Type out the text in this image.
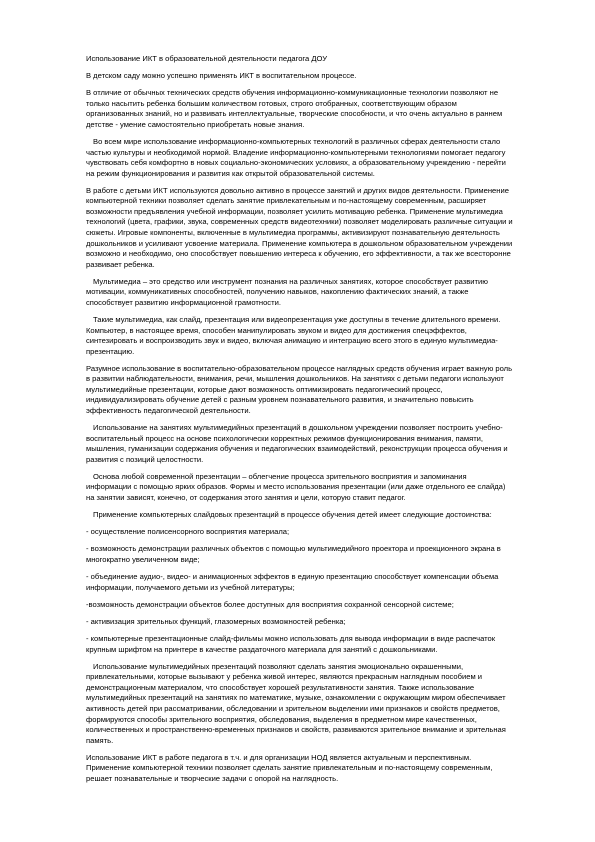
Использование ИКТ в образовательной деятельности педагога ДОУ

В детском саду можно успешно применять ИКТ в воспитательном процессе.

В отличие от обычных технических средств обучения информационно-коммуникационные технологии позволяют не только насытить ребенка большим количеством готовых, строго отобранных, соответствующим образом организованных знаний, но и развивать интеллектуальные, творческие способности, и что очень актуально в раннем детстве - умение самостоятельно приобретать новые знания.

Во всем мире использование информационно-компьютерных технологий в различных сферах деятельности стало частью культуры и необходимой нормой. Владение информационно-компьютерными технологиями помогает педагогу чувствовать себя комфортно в новых социально-экономических условиях, а образовательному учреждению - перейти на режим функционирования и развития как открытой образовательной системы.

В работе с детьми ИКТ используются довольно активно в процессе занятий и других видов деятельности. Применение компьютерной техники позволяет сделать занятие привлекательным и по-настоящему современным, расширяет возможности предъявления учебной информации, позволяет усилить мотивацию ребенка. Применение мультимедиа технологий (цвета, графики, звука, современных средств видеотехники) позволяет моделировать различные ситуации и сюжеты. Игровые компоненты, включенные в мультимедиа программы, активизируют познавательную деятельность дошкольников и усиливают усвоение материала. Применение компьютера в дошкольном образовательном учреждении возможно и необходимо, оно способствует повышению интереса к обучению, его эффективности, а так же всесторонне развивает ребенка.

Мультимедиа – это средство или инструмент познания на различных занятиях, которое способствует развитию мотивации, коммуникативных способностей, получению навыков, накоплению фактических знаний, а также способствует развитию информационной грамотности.

Такие мультимедиа, как слайд, презентация или видеопрезентация уже доступны в течение длительного времени. Компьютер, в настоящее время, способен манипулировать звуком и видео для достижения спецэффектов, синтезировать и воспроизводить звук и видео, включая анимацию и интеграцию всего этого в единую мультимедиа-презентацию.

Разумное использование в воспитательно-образовательном процессе наглядных средств обучения играет важную роль в развитии наблюдательности, внимания, речи, мышления дошкольников. На занятиях с детьми педагоги используют мультимедийные презентации, которые дают возможность оптимизировать педагогический процесс, индивидуализировать обучение детей с разным уровнем познавательного развития, и значительно повысить эффективность педагогической деятельности.

Использование на занятиях мультимедийных презентаций в дошкольном учреждении позволяет построить учебно-воспитательный процесс на основе психологически корректных режимов функционирования внимания, памяти, мышления, гуманизации содержания обучения и педагогических взаимодействий, реконструкции процесса обучения и развития с позиций целостности.

Основа любой современной презентации – облегчение процесса зрительного восприятия и запоминания информации с помощью ярких образов. Формы и место использования презентации (или даже отдельного ее слайда) на занятии зависят, конечно, от содержания этого занятия и цели, которую ставит педагог.

Применение компьютерных слайдовых презентаций в процессе обучения детей имеет следующие достоинства:

- осуществление полисенсорного восприятия материала;

- возможность демонстрации различных объектов с помощью мультимедийного проектора и проекционного экрана в многократно увеличенном виде;

- объединение аудио-, видео- и анимационных эффектов в единую презентацию способствует компенсации объема информации, получаемого детьми из учебной литературы;

-возможность демонстрации объектов более доступных для восприятия сохранной сенсорной системе;

- активизация зрительных функций, глазомерных возможностей ребенка;

- компьютерные презентационные слайд-фильмы можно использовать для вывода информации в виде распечаток крупным шрифтом на принтере в качестве раздаточного материала для занятий с дошкольниками.

Использование мультимедийных презентаций позволяют сделать занятия эмоционально окрашенными, привлекательными, которые вызывают у ребенка живой интерес, являются прекрасным наглядным пособием и демонстрационным материалом, что способствует хорошей результативности занятия. Также использование мультимедийных презентаций на занятиях по математике, музыке, ознакомлении с окружающим миром обеспечивает активность детей при рассматривании, обследовании и зрительном выделении ими признаков и свойств предметов, формируются способы зрительного восприятия, обследования, выделения в предметном мире качественных, количественных и пространственно-временных признаков и свойств, развиваются зрительное внимание и зрительная память.

Использование ИКТ в работе педагога в т.ч. и для организации НОД является актуальным и перспективным. Применение компьютерной техники позволяет сделать занятие привлекательным и по-настоящему современным, решает познавательные и творческие задачи с опорой на наглядность.
